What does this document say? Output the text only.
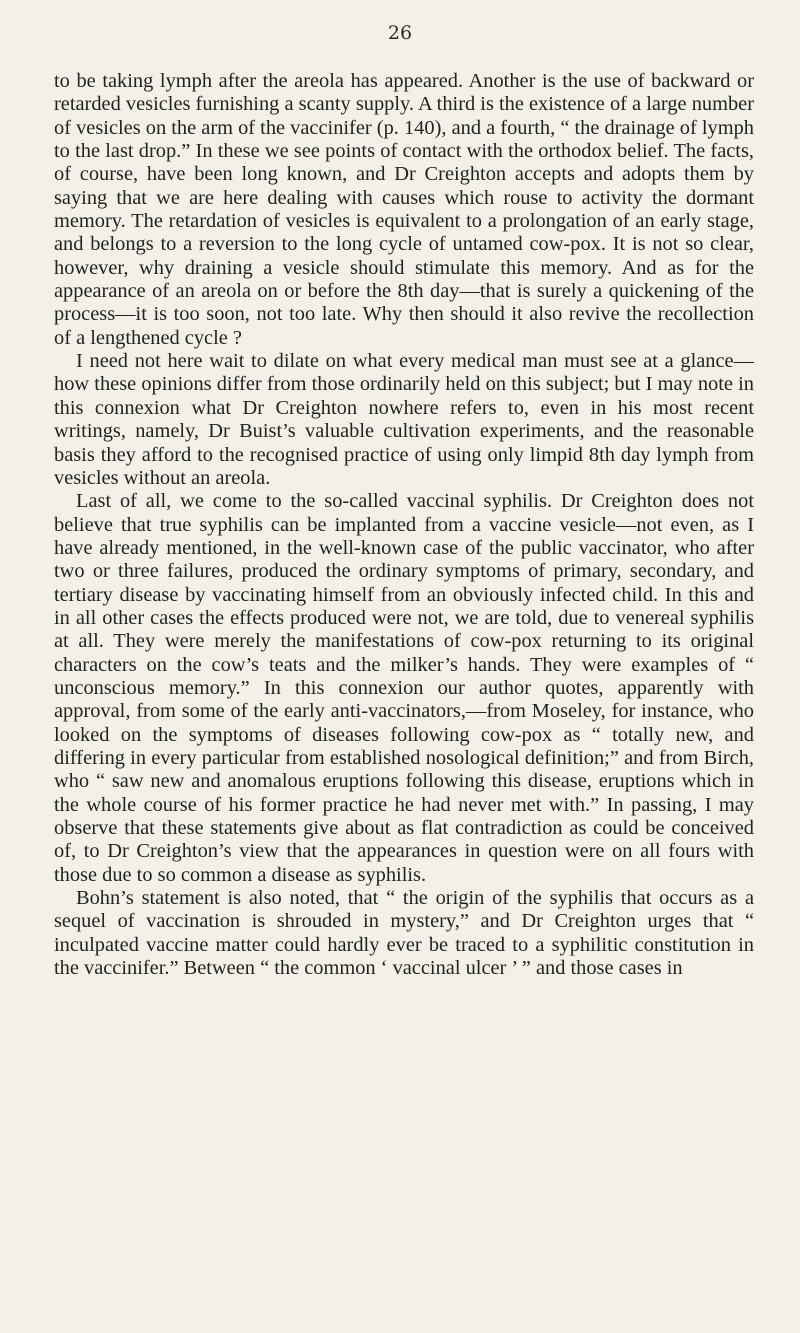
26

to be taking lymph after the areola has appeared. Another is the use of backward or retarded vesicles furnishing a scanty supply. A third is the existence of a large number of vesicles on the arm of the vaccinifer (p. 140), and a fourth, “ the drainage of lymph to the last drop.” In these we see points of contact with the orthodox belief. The facts, of course, have been long known, and Dr Creighton accepts and adopts them by saying that we are here dealing with causes which rouse to activity the dormant memory. The retardation of vesicles is equivalent to a prolongation of an early stage, and belongs to a reversion to the long cycle of untamed cow-pox. It is not so clear, however, why draining a vesicle should stimulate this memory. And as for the appearance of an areola on or before the 8th day—that is surely a quickening of the process—it is too soon, not too late. Why then should it also revive the recollection of a lengthened cycle ?

I need not here wait to dilate on what every medical man must see at a glance—how these opinions differ from those ordinarily held on this subject; but I may note in this connexion what Dr Creighton nowhere refers to, even in his most recent writings, namely, Dr Buist’s valuable cultivation experiments, and the reasonable basis they afford to the recognised practice of using only limpid 8th day lymph from vesicles without an areola.

Last of all, we come to the so-called vaccinal syphilis. Dr Creighton does not believe that true syphilis can be implanted from a vaccine vesicle—not even, as I have already mentioned, in the well-known case of the public vaccinator, who after two or three failures, produced the ordinary symptoms of primary, secondary, and tertiary disease by vaccinating himself from an obviously infected child. In this and in all other cases the effects produced were not, we are told, due to venereal syphilis at all. They were merely the manifestations of cow-pox returning to its original characters on the cow’s teats and the milker’s hands. They were examples of “ unconscious memory.” In this connexion our author quotes, apparently with approval, from some of the early anti-vaccinators,—from Moseley, for instance, who looked on the symptoms of diseases following cow-pox as “ totally new, and differing in every particular from established nosological definition;” and from Birch, who “ saw new and anomalous eruptions following this disease, eruptions which in the whole course of his former practice he had never met with.” In passing, I may observe that these statements give about as flat contradiction as could be conceived of, to Dr Creighton’s view that the appearances in question were on all fours with those due to so common a disease as syphilis.

Bohn’s statement is also noted, that “ the origin of the syphilis that occurs as a sequel of vaccination is shrouded in mystery,” and Dr Creighton urges that “ inculpated vaccine matter could hardly ever be traced to a syphilitic constitution in the vaccinifer.” Between “ the common ‘ vaccinal ulcer ’ ” and those cases in
